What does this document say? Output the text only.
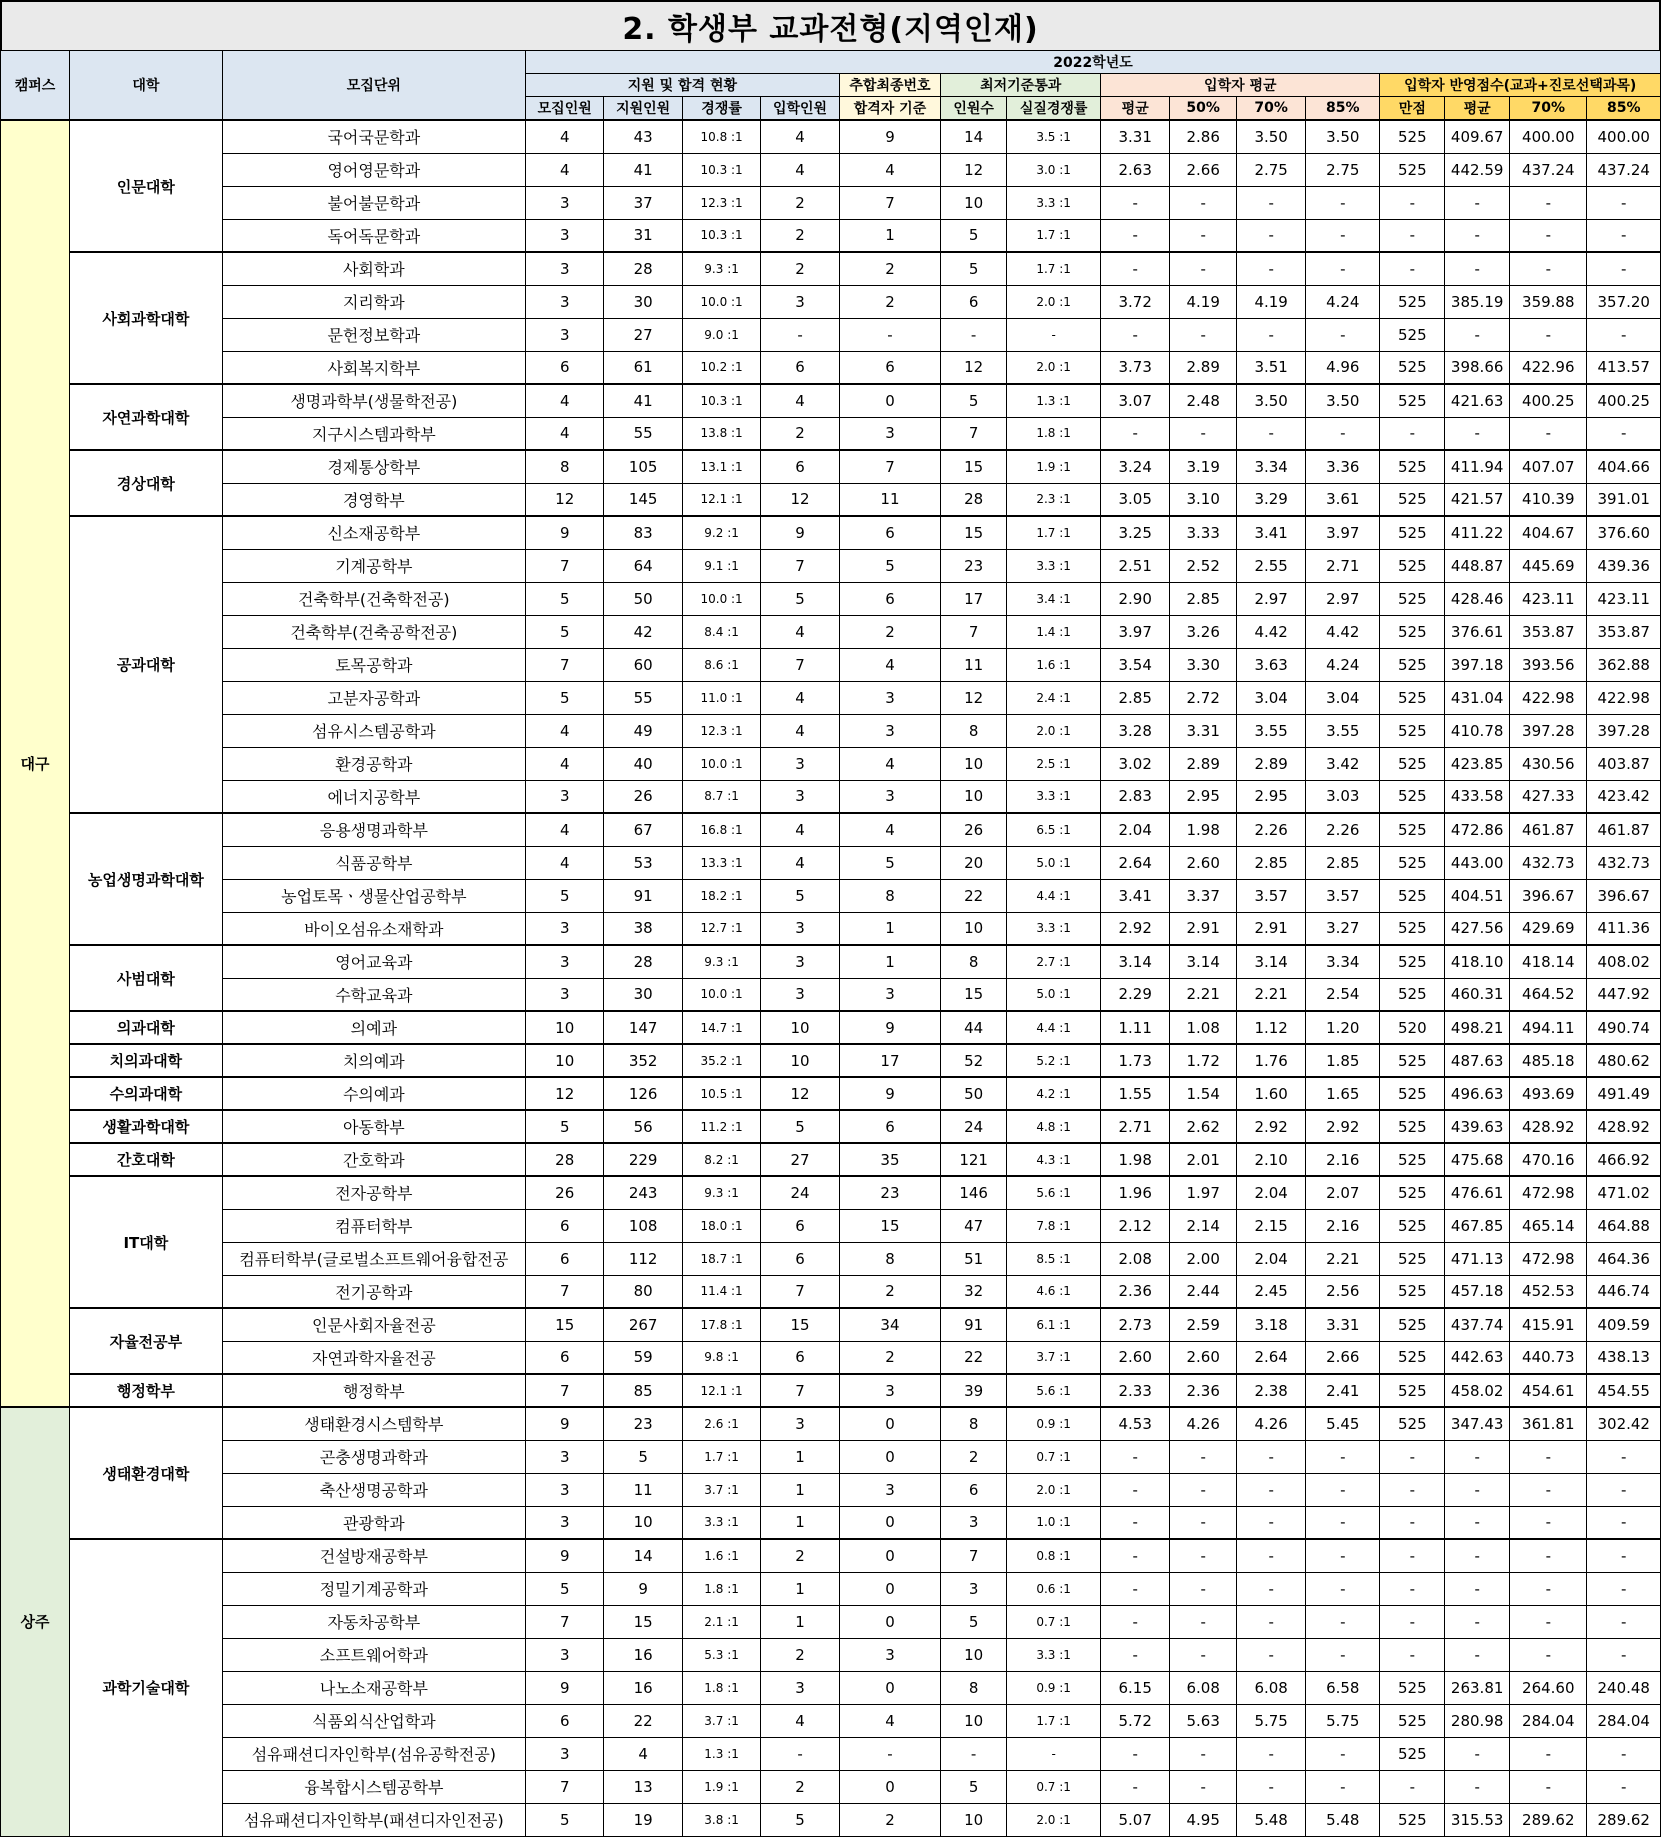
2. 학생부 교과전형(지역인재)
캠퍼스	대학	모집단위	2022학년도														
			지원 및 합격 현황				추합최종번호	최저기준통과		입학자 평균				입학자 반영점수(교과+진로선택과목)			
			모집인원	지원인원	경쟁률	입학인원	합격자 기준	인원수	실질경쟁률	평균	50%	70%	85%	만점	평균	70%	85%
대구	인문대학	국어국문학과	4	43	10.8 :1	4	9	14	3.5 :1	3.31	2.86	3.50	3.50	525	409.67	400.00	400.00
		영어영문학과	4	41	10.3 :1	4	4	12	3.0 :1	2.63	2.66	2.75	2.75	525	442.59	437.24	437.24
		불어불문학과	3	37	12.3 :1	2	7	10	3.3 :1	-	-	-	-	-	-	-	-
		독어독문학과	3	31	10.3 :1	2	1	5	1.7 :1	-	-	-	-	-	-	-	-
	사회과학대학	사회학과	3	28	9.3 :1	2	2	5	1.7 :1	-	-	-	-	-	-	-	-
		지리학과	3	30	10.0 :1	3	2	6	2.0 :1	3.72	4.19	4.19	4.24	525	385.19	359.88	357.20
		문헌정보학과	3	27	9.0 :1	-	-	-	-	-	-	-	-	525	-	-	-
		사회복지학부	6	61	10.2 :1	6	6	12	2.0 :1	3.73	2.89	3.51	4.96	525	398.66	422.96	413.57
	자연과학대학	생명과학부(생물학전공)	4	41	10.3 :1	4	0	5	1.3 :1	3.07	2.48	3.50	3.50	525	421.63	400.25	400.25
		지구시스템과학부	4	55	13.8 :1	2	3	7	1.8 :1	-	-	-	-	-	-	-	-
	경상대학	경제통상학부	8	105	13.1 :1	6	7	15	1.9 :1	3.24	3.19	3.34	3.36	525	411.94	407.07	404.66
		경영학부	12	145	12.1 :1	12	11	28	2.3 :1	3.05	3.10	3.29	3.61	525	421.57	410.39	391.01
	공과대학	신소재공학부	9	83	9.2 :1	9	6	15	1.7 :1	3.25	3.33	3.41	3.97	525	411.22	404.67	376.60
		기계공학부	7	64	9.1 :1	7	5	23	3.3 :1	2.51	2.52	2.55	2.71	525	448.87	445.69	439.36
		건축학부(건축학전공)	5	50	10.0 :1	5	6	17	3.4 :1	2.90	2.85	2.97	2.97	525	428.46	423.11	423.11
		건축학부(건축공학전공)	5	42	8.4 :1	4	2	7	1.4 :1	3.97	3.26	4.42	4.42	525	376.61	353.87	353.87
		토목공학과	7	60	8.6 :1	7	4	11	1.6 :1	3.54	3.30	3.63	4.24	525	397.18	393.56	362.88
		고분자공학과	5	55	11.0 :1	4	3	12	2.4 :1	2.85	2.72	3.04	3.04	525	431.04	422.98	422.98
		섬유시스템공학과	4	49	12.3 :1	4	3	8	2.0 :1	3.28	3.31	3.55	3.55	525	410.78	397.28	397.28
		환경공학과	4	40	10.0 :1	3	4	10	2.5 :1	3.02	2.89	2.89	3.42	525	423.85	430.56	403.87
		에너지공학부	3	26	8.7 :1	3	3	10	3.3 :1	2.83	2.95	2.95	3.03	525	433.58	427.33	423.42
	농업생명과학대학	응용생명과학부	4	67	16.8 :1	4	4	26	6.5 :1	2.04	1.98	2.26	2.26	525	472.86	461.87	461.87
		식품공학부	4	53	13.3 :1	4	5	20	5.0 :1	2.64	2.60	2.85	2.85	525	443.00	432.73	432.73
		농업토목ㆍ생물산업공학부	5	91	18.2 :1	5	8	22	4.4 :1	3.41	3.37	3.57	3.57	525	404.51	396.67	396.67
		바이오섬유소재학과	3	38	12.7 :1	3	1	10	3.3 :1	2.92	2.91	2.91	3.27	525	427.56	429.69	411.36
	사범대학	영어교육과	3	28	9.3 :1	3	1	8	2.7 :1	3.14	3.14	3.14	3.34	525	418.10	418.14	408.02
		수학교육과	3	30	10.0 :1	3	3	15	5.0 :1	2.29	2.21	2.21	2.54	525	460.31	464.52	447.92
	의과대학	의예과	10	147	14.7 :1	10	9	44	4.4 :1	1.11	1.08	1.12	1.20	520	498.21	494.11	490.74
	치의과대학	치의예과	10	352	35.2 :1	10	17	52	5.2 :1	1.73	1.72	1.76	1.85	525	487.63	485.18	480.62
	수의과대학	수의예과	12	126	10.5 :1	12	9	50	4.2 :1	1.55	1.54	1.60	1.65	525	496.63	493.69	491.49
	생활과학대학	아동학부	5	56	11.2 :1	5	6	24	4.8 :1	2.71	2.62	2.92	2.92	525	439.63	428.92	428.92
	간호대학	간호학과	28	229	8.2 :1	27	35	121	4.3 :1	1.98	2.01	2.10	2.16	525	475.68	470.16	466.92
	IT대학	전자공학부	26	243	9.3 :1	24	23	146	5.6 :1	1.96	1.97	2.04	2.07	525	476.61	472.98	471.02
		컴퓨터학부	6	108	18.0 :1	6	15	47	7.8 :1	2.12	2.14	2.15	2.16	525	467.85	465.14	464.88
		컴퓨터학부(글로벌소프트웨어융합전공	6	112	18.7 :1	6	8	51	8.5 :1	2.08	2.00	2.04	2.21	525	471.13	472.98	464.36
		전기공학과	7	80	11.4 :1	7	2	32	4.6 :1	2.36	2.44	2.45	2.56	525	457.18	452.53	446.74
	자율전공부	인문사회자율전공	15	267	17.8 :1	15	34	91	6.1 :1	2.73	2.59	3.18	3.31	525	437.74	415.91	409.59
		자연과학자율전공	6	59	9.8 :1	6	2	22	3.7 :1	2.60	2.60	2.64	2.66	525	442.63	440.73	438.13
	행정학부	행정학부	7	85	12.1 :1	7	3	39	5.6 :1	2.33	2.36	2.38	2.41	525	458.02	454.61	454.55
상주	생태환경대학	생태환경시스템학부	9	23	2.6 :1	3	0	8	0.9 :1	4.53	4.26	4.26	5.45	525	347.43	361.81	302.42
		곤충생명과학과	3	5	1.7 :1	1	0	2	0.7 :1	-	-	-	-	-	-	-	-
		축산생명공학과	3	11	3.7 :1	1	3	6	2.0 :1	-	-	-	-	-	-	-	-
		관광학과	3	10	3.3 :1	1	0	3	1.0 :1	-	-	-	-	-	-	-	-
	과학기술대학	건설방재공학부	9	14	1.6 :1	2	0	7	0.8 :1	-	-	-	-	-	-	-	-
		정밀기계공학과	5	9	1.8 :1	1	0	3	0.6 :1	-	-	-	-	-	-	-	-
		자동차공학부	7	15	2.1 :1	1	0	5	0.7 :1	-	-	-	-	-	-	-	-
		소프트웨어학과	3	16	5.3 :1	2	3	10	3.3 :1	-	-	-	-	-	-	-	-
		나노소재공학부	9	16	1.8 :1	3	0	8	0.9 :1	6.15	6.08	6.08	6.58	525	263.81	264.60	240.48
		식품외식산업학과	6	22	3.7 :1	4	4	10	1.7 :1	5.72	5.63	5.75	5.75	525	280.98	284.04	284.04
		섬유패션디자인학부(섬유공학전공)	3	4	1.3 :1	-	-	-	-	-	-	-	-	525	-	-	-
		융복합시스템공학부	7	13	1.9 :1	2	0	5	0.7 :1	-	-	-	-	-	-	-	-
		섬유패션디자인학부(패션디자인전공)	5	19	3.8 :1	5	2	10	2.0 :1	5.07	4.95	5.48	5.48	525	315.53	289.62	289.62
